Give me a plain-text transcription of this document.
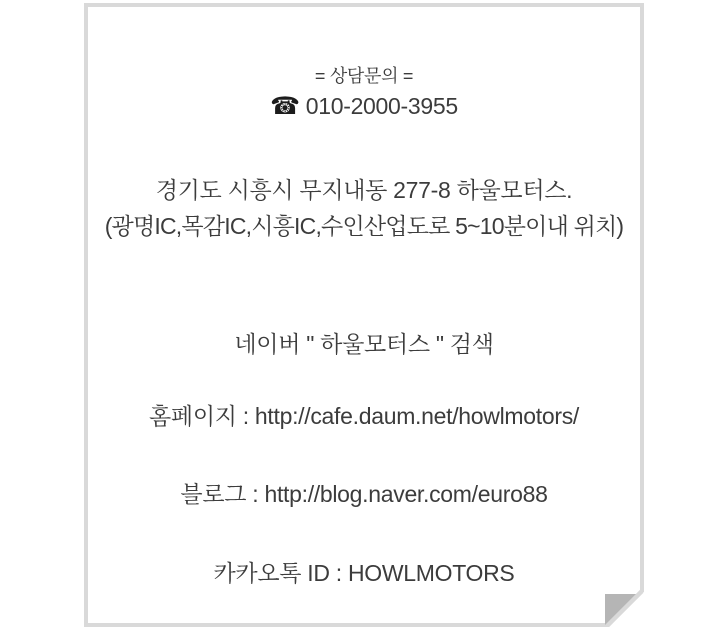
= 상담문의 =
☎ 010-2000-3955
경기도 시흥시 무지내동 277-8 하울모터스.
(광명IC,목감IC,시흥IC,수인산업도로 5~10분이내 위치)
네이버 " 하울모터스 " 검색
홈페이지 : http://cafe.daum.net/howlmotors/
블로그 : http://blog.naver.com/euro88
카카오톡 ID : HOWLMOTORS
